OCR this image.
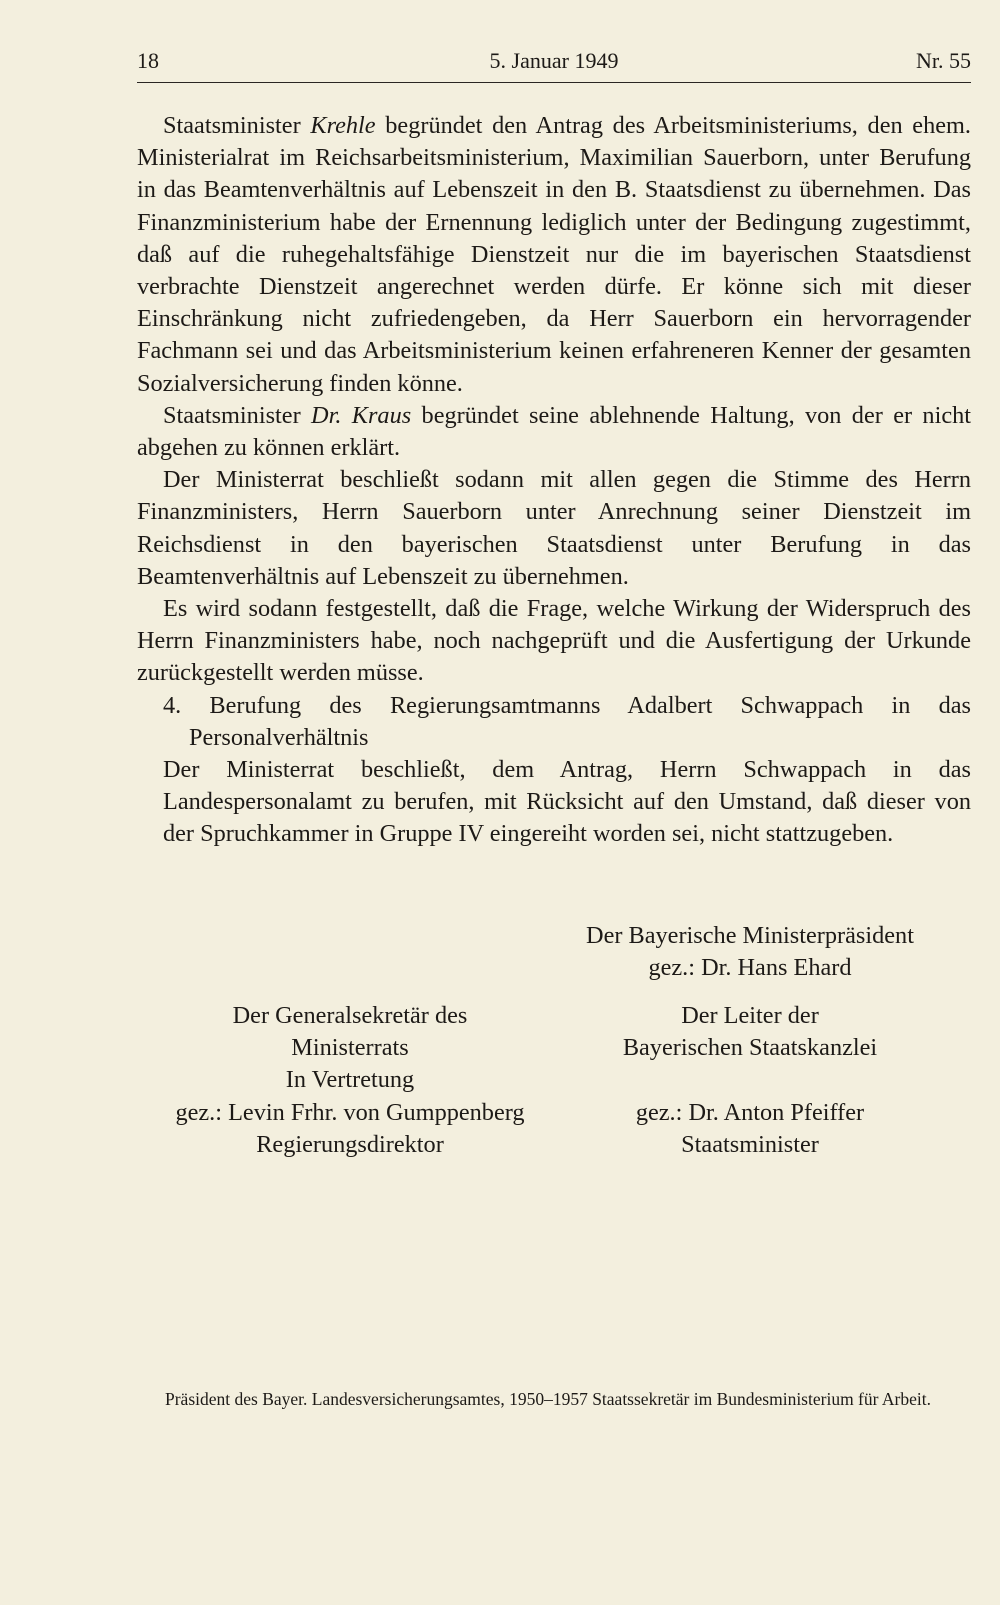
18	5. Januar 1949	Nr. 55

Staatsminister Krehle begründet den Antrag des Arbeitsministeriums, den ehem. Ministerialrat im Reichsarbeitsministerium, Maximilian Sauerborn, unter Berufung in das Beamtenverhältnis auf Lebenszeit in den B. Staatsdienst zu übernehmen. Das Finanzministerium habe der Ernennung lediglich unter der Bedingung zugestimmt, daß auf die ruhegehaltsfähige Dienstzeit nur die im bayerischen Staatsdienst verbrachte Dienstzeit angerechnet werden dürfe. Er könne sich mit dieser Einschränkung nicht zufriedengeben, da Herr Sauerborn ein hervorragender Fachmann sei und das Arbeitsministerium keinen erfahreneren Kenner der gesamten Sozialversicherung finden könne.

Staatsminister Dr. Kraus begründet seine ablehnende Haltung, von der er nicht abgehen zu können erklärt.

Der Ministerrat beschließt sodann mit allen gegen die Stimme des Herrn Finanzministers, Herrn Sauerborn unter Anrechnung seiner Dienstzeit im Reichsdienst in den bayerischen Staatsdienst unter Berufung in das Beamtenverhältnis auf Lebenszeit zu übernehmen.

Es wird sodann festgestellt, daß die Frage, welche Wirkung der Widerspruch des Herrn Finanzministers habe, noch nachgeprüft und die Ausfertigung der Urkunde zurückgestellt werden müsse.

4. Berufung des Regierungsamtmanns Adalbert Schwappach in das Personalverhältnis

Der Ministerrat beschließt, dem Antrag, Herrn Schwappach in das Landespersonalamt zu berufen, mit Rücksicht auf den Umstand, daß dieser von der Spruchkammer in Gruppe IV eingereiht worden sei, nicht stattzugeben.

Der Bayerische Ministerpräsident
gez.: Dr. Hans Ehard
Der Generalsekretär des
Ministerrats
In Vertretung
gez.: Levin Frhr. von Gumppenberg
Regierungsdirektor
Der Leiter der
Bayerischen Staatskanzlei

gez.: Dr. Anton Pfeiffer
Staatsminister
Präsident des Bayer. Landesversicherungsamtes, 1950–1957 Staatssekretär im Bundesministerium für Arbeit.
